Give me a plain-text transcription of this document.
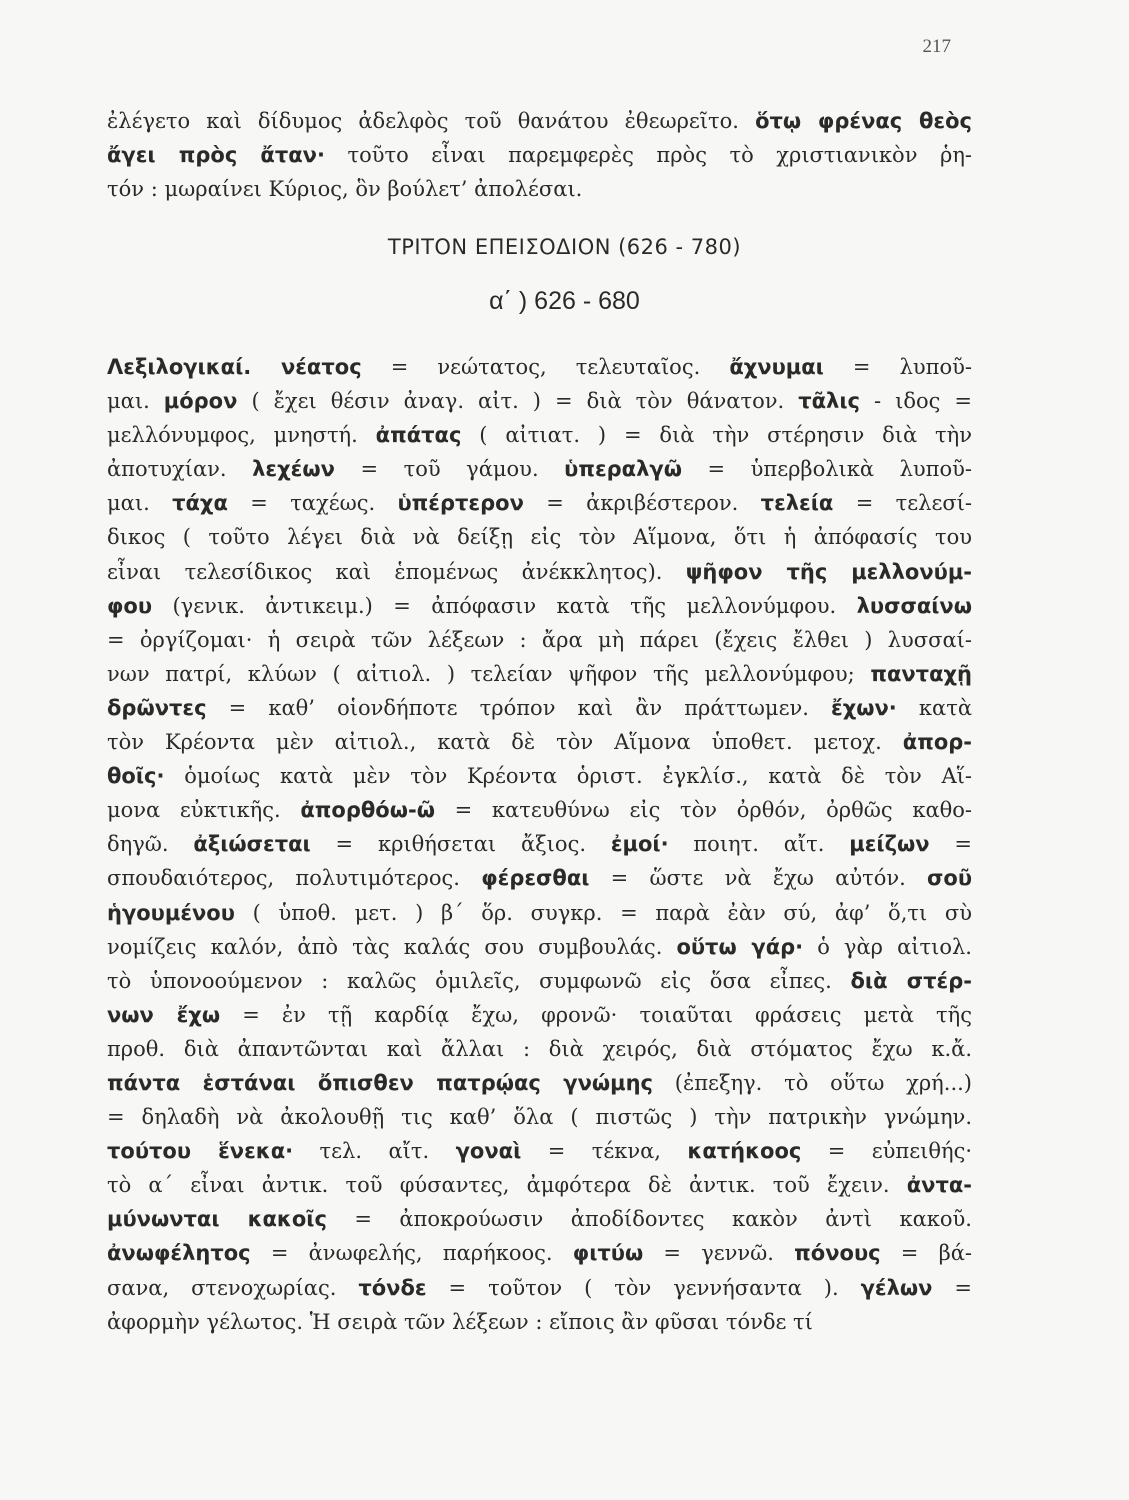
217
ἐλέγετο καὶ δίδυμος ἀδελφὸς τοῦ θανάτου ἐθεωρεῖτο. ὅτῳ φρένας θεὸς
ἄγει πρὸς ἄταν· τοῦτο εἶναι παρεμφερὲς πρὸς τὸ χριστιανικὸν ῥη-
τόν : μωραίνει Κύριος, ὃν βούλετ’ ἀπολέσαι.
ΤΡΙΤΟΝ ΕΠΕΙΣΟΔΙΟΝ (626 - 780)
α΄ ) 626 - 680
Λεξιλογικαί. νέατος = νεώτατος, τελευταῖος. ἄχνυμαι = λυποῦ-
μαι. μόρον ( ἔχει θέσιν ἀναγ. αἰτ. ) = διὰ τὸν θάνατον. τᾶλις - ιδος =
μελλόνυμφος, μνηστή. ἀπάτας ( αἰτιατ. ) = διὰ τὴν στέρησιν διὰ τὴν
ἀποτυχίαν. λεχέων = τοῦ γάμου. ὑπεραλγῶ = ὑπερβολικὰ λυποῦ-
μαι. τάχα = ταχέως. ὑπέρτερον = ἀκριβέστερον. τελεία = τελεσί-
δικος ( τοῦτο λέγει διὰ νὰ δείξῃ εἰς τὸν Αἵμονα, ὅτι ἡ ἀπόφασίς του
εἶναι τελεσίδικος καὶ ἑπομένως ἀνέκκλητος). ψῆφον τῆς μελλονύμ-
φου (γενικ. ἀντικειμ.) = ἀπόφασιν κατὰ τῆς μελλονύμφου. λυσσαίνω
= ὀργίζομαι· ἡ σειρὰ τῶν λέξεων : ἄρα μὴ πάρει (ἔχεις ἔλθει ) λυσσαί-
νων πατρί, κλύων ( αἰτιολ. ) τελείαν ψῆφον τῆς μελλονύμφου; πανταχῇ
δρῶντες = καθ’ οἱονδήποτε τρόπον καὶ ἂν πράττωμεν. ἔχων· κατὰ
τὸν Κρέοντα μὲν αἰτιολ., κατὰ δὲ τὸν Αἵμονα ὑποθετ. μετοχ. ἀπορ-
θοῖς· ὁμοίως κατὰ μὲν τὸν Κρέοντα ὁριστ. ἐγκλίσ., κατὰ δὲ τὸν Αἵ-
μονα εὐκτικῆς. ἀπορθόω-ῶ = κατευθύνω εἰς τὸν ὀρθόν, ὀρθῶς καθο-
δηγῶ. ἀξιώσεται = κριθήσεται ἄξιος. ἐμοί· ποιητ. αἴτ. μείζων =
σπουδαιότερος, πολυτιμότερος. φέρεσθαι = ὥστε νὰ ἔχω αὐτόν. σοῦ
ἡγουμένου ( ὑποθ. μετ. ) β΄ ὅρ. συγκρ. = παρὰ ἐὰν σύ, ἀφ’ ὅ,τι σὺ
νομίζεις καλόν, ἀπὸ τὰς καλάς σου συμβουλάς. οὕτω γάρ· ὁ γὰρ αἰτιολ.
τὸ ὑπονοούμενον : καλῶς ὁμιλεῖς, συμφωνῶ εἰς ὅσα εἶπες. διὰ στέρ-
νων ἔχω = ἐν τῇ καρδίᾳ ἔχω, φρονῶ· τοιαῦται φράσεις μετὰ τῆς
προθ. διὰ ἀπαντῶνται καὶ ἄλλαι : διὰ χειρός, διὰ στόματος ἔχω κ.ἄ.
πάντα ἑστάναι ὄπισθεν πατρῴας γνώμης (ἐπεξηγ. τὸ οὕτω χρή...)
= δηλαδὴ νὰ ἀκολουθῇ τις καθ’ ὅλα ( πιστῶς ) τὴν πατρικὴν γνώμην.
τούτου ἕνεκα· τελ. αἴτ. γοναὶ = τέκνα, κατήκοος = εὐπειθής·
τὸ α΄ εἶναι ἀντικ. τοῦ φύσαντες, ἀμφότερα δὲ ἀντικ. τοῦ ἔχειν. ἀντα-
μύνωνται κακοῖς = ἀποκρούωσιν ἀποδίδοντες κακὸν ἀντὶ κακοῦ.
ἀνωφέλητος = ἀνωφελής, παρήκοος. φιτύω = γεννῶ. πόνους = βά-
σανα, στενοχωρίας. τόνδε = τοῦτον ( τὸν γεννήσαντα ). γέλων =
ἀφορμὴν γέλωτος. Ἡ σειρὰ τῶν λέξεων : εἴποις ἂν φῦσαι τόνδε τί
